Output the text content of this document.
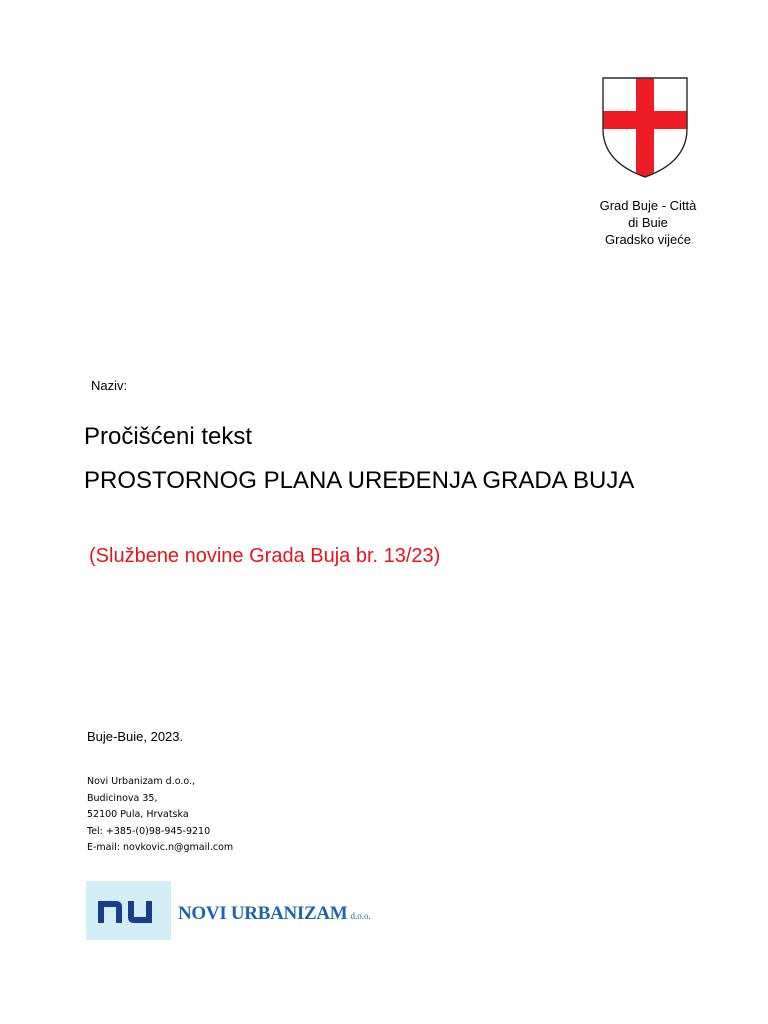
Grad Buje - Città
di Buie
Gradsko vijeće
Naziv:
Pročišćeni tekst
PROSTORNOG PLANA UREĐENJA GRADA BUJA
(Službene novine Grada Buja br. 13/23)
Buje-Buie, 2023.
Novi Urbanizam d.o.o.,
Budicinova 35,
52100 Pula, Hrvatska
Tel: +385-(0)98-945-9210
E-mail: novkovic.n@gmail.com
NOVI URBANIZAM d.o.o.
